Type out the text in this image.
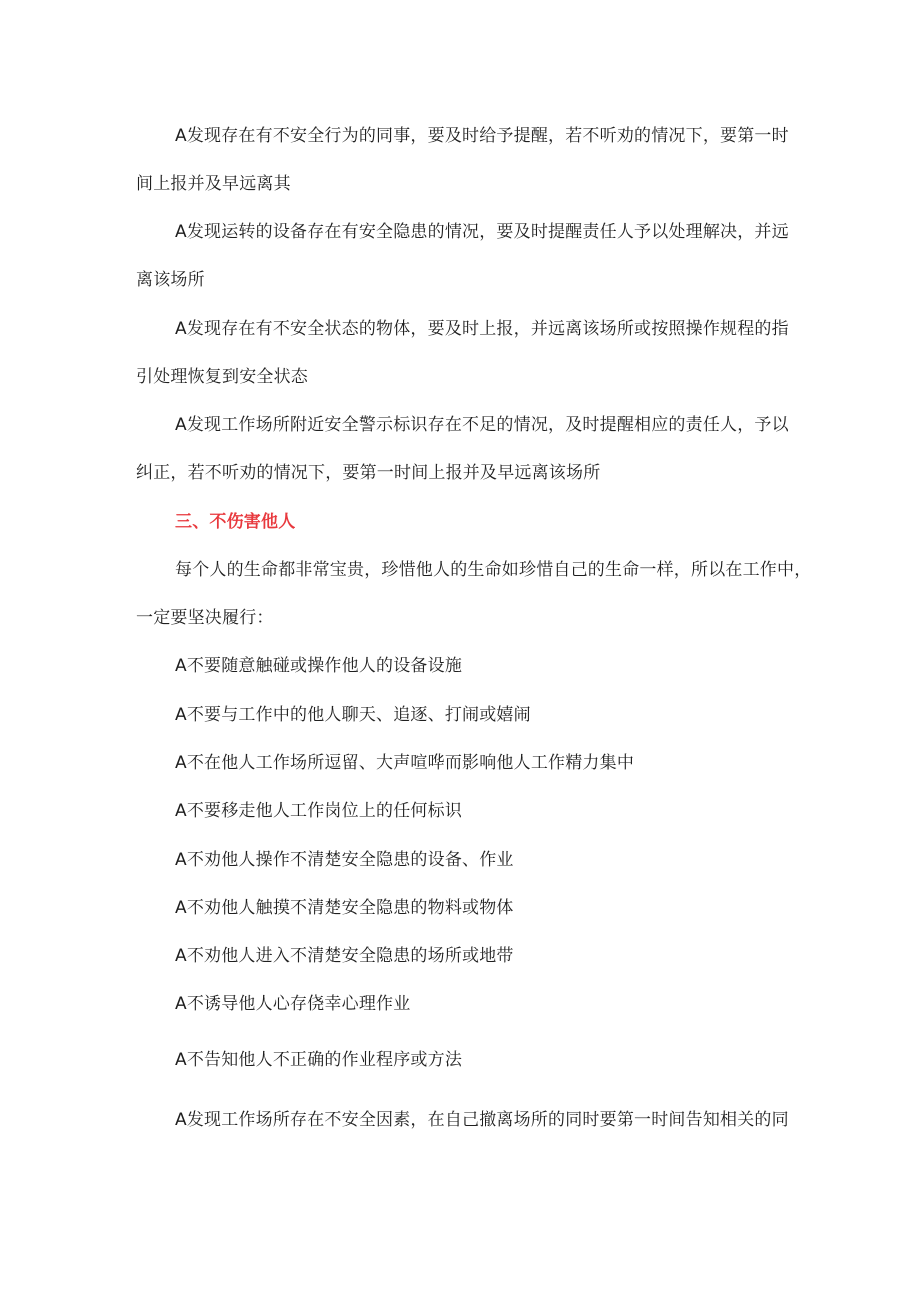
A发现存在有不安全行为的同事，要及时给予提醒，若不听劝的情况下，要第一时
间上报并及早远离其
A发现运转的设备存在有安全隐患的情况，要及时提醒责任人予以处理解决，并远
离该场所
A发现存在有不安全状态的物体，要及时上报，并远离该场所或按照操作规程的指
引处理恢复到安全状态
A发现工作场所附近安全警示标识存在不足的情况，及时提醒相应的责任人，予以
纠正，若不听劝的情况下，要第一时间上报并及早远离该场所
三、不伤害他人
每个人的生命都非常宝贵，珍惜他人的生命如珍惜自己的生命一样，所以在工作中，
一定要坚决履行：
A不要随意触碰或操作他人的设备设施
A不要与工作中的他人聊天、追逐、打闹或嬉闹
A不在他人工作场所逗留、大声喧哗而影响他人工作精力集中
A不要移走他人工作岗位上的任何标识
A不劝他人操作不清楚安全隐患的设备、作业
A不劝他人触摸不清楚安全隐患的物料或物体
A不劝他人进入不清楚安全隐患的场所或地带
A不诱导他人心存侥幸心理作业
A不告知他人不正确的作业程序或方法
A发现工作场所存在不安全因素，在自己撤离场所的同时要第一时间告知相关的同
